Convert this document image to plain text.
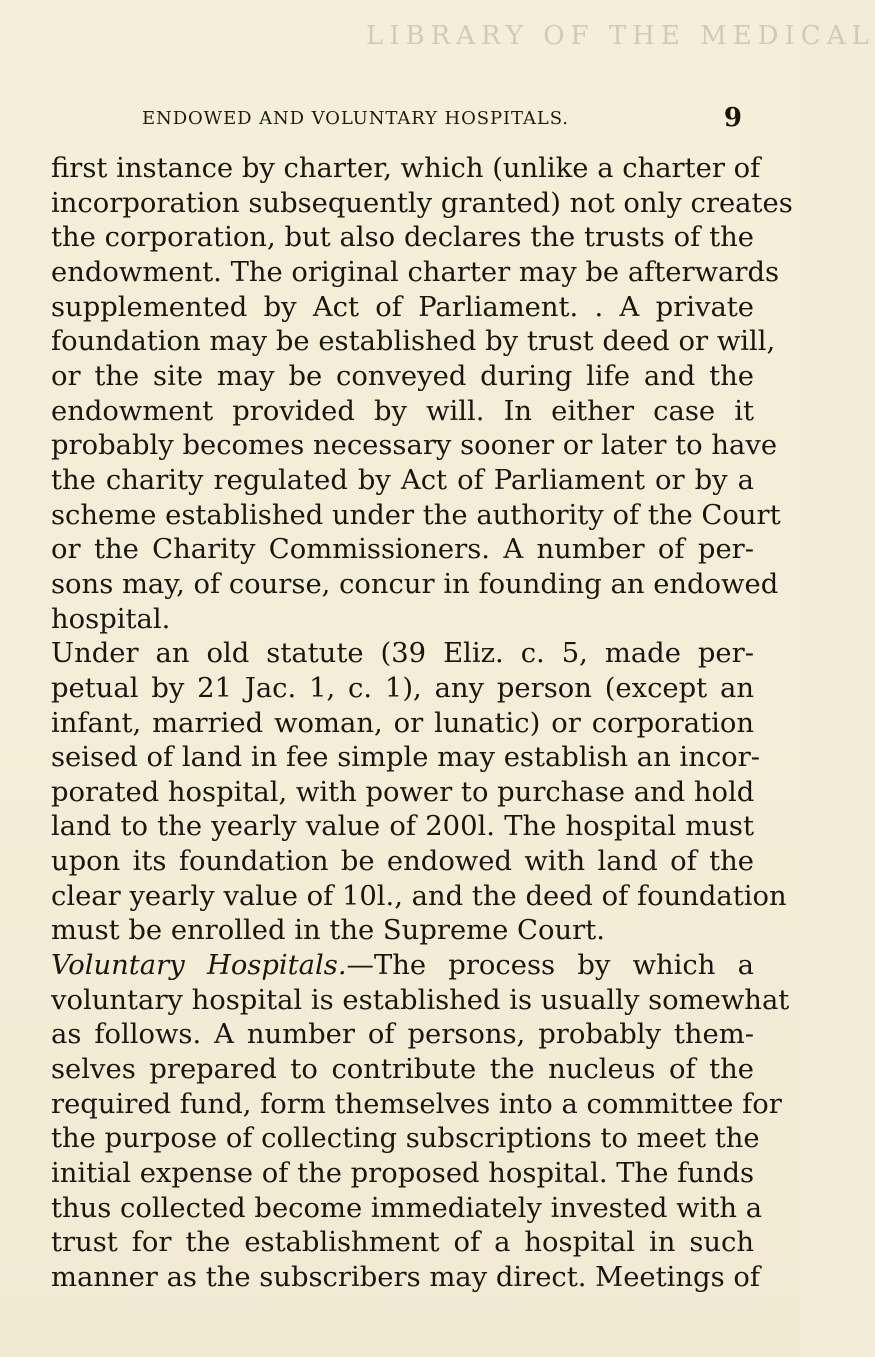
LIBRARY OF THE MEDICAL
ENDOWED AND VOLUNTARY HOSPITALS.	9
first instance by charter, which (unlike a charter of
incorporation subsequently granted) not only creates
the corporation, but also declares the trusts of the
endowment. The original charter may be afterwards
supplemented by Act of Parliament. . A private
foundation may be established by trust deed or will,
or the site may be conveyed during life and the
endowment provided by will. In either case it
probably becomes necessary sooner or later to have
the charity regulated by Act of Parliament or by a
scheme established under the authority of the Court
or the Charity Commissioners. A number of per-
sons may, of course, concur in founding an endowed
hospital.
Under an old statute (39 Eliz. c. 5, made per-
petual by 21 Jac. 1, c. 1), any person (except an
infant, married woman, or lunatic) or corporation
seised of land in fee simple may establish an incor-
porated hospital, with power to purchase and hold
land to the yearly value of 200l. The hospital must
upon its foundation be endowed with land of the
clear yearly value of 10l., and the deed of foundation
must be enrolled in the Supreme Court.
Voluntary Hospitals.—The process by which a
voluntary hospital is established is usually somewhat
as follows. A number of persons, probably them-
selves prepared to contribute the nucleus of the
required fund, form themselves into a committee for
the purpose of collecting subscriptions to meet the
initial expense of the proposed hospital. The funds
thus collected become immediately invested with a
trust for the establishment of a hospital in such
manner as the subscribers may direct. Meetings of
